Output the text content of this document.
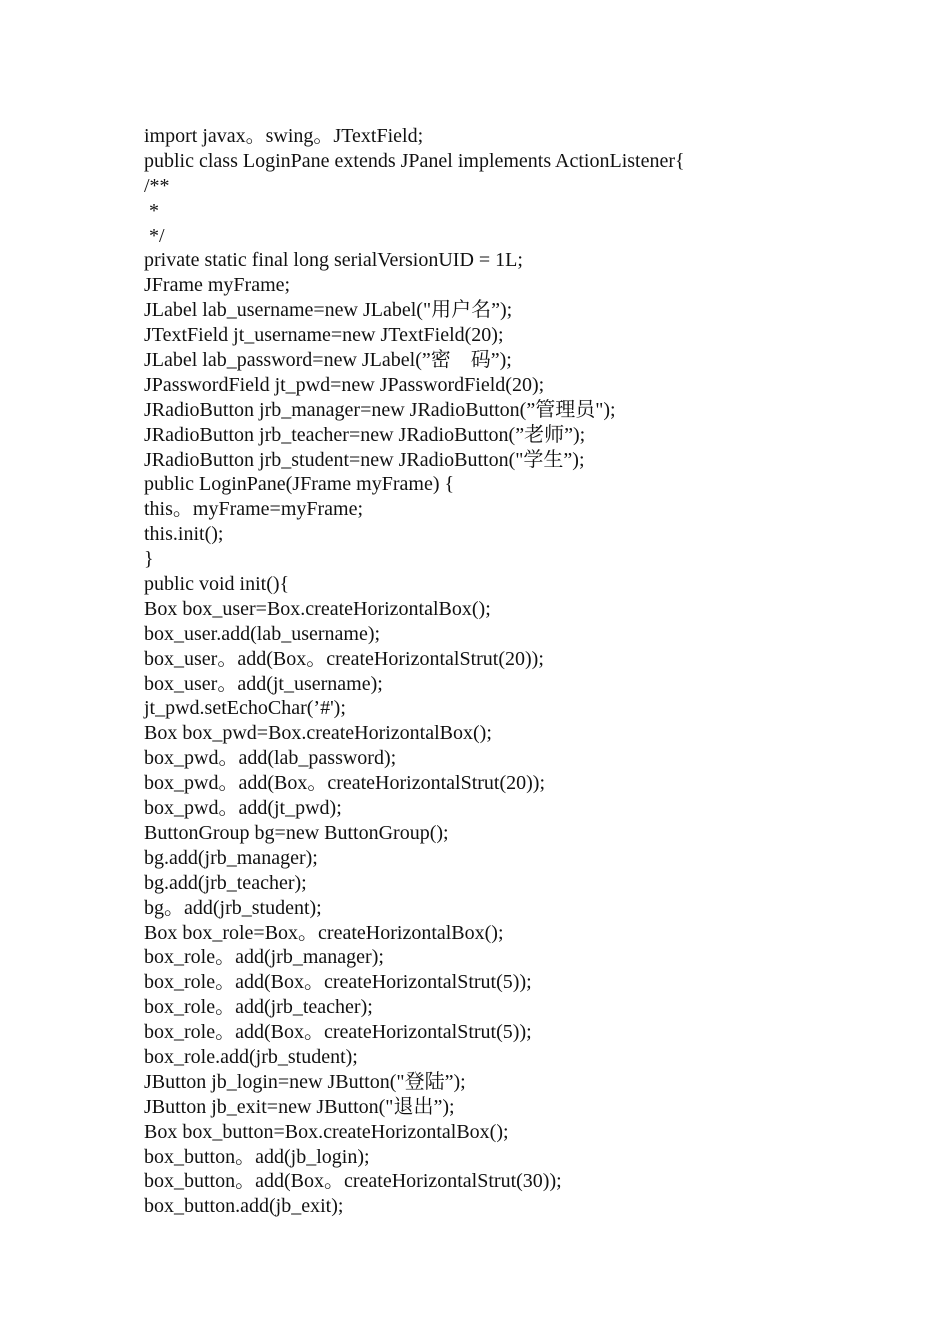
import javax。swing。JTextField;
public class LoginPane extends JPanel implements ActionListener{
/**
*
*/
private static final long serialVersionUID = 1L;
JFrame myFrame;
JLabel lab_username=new JLabel("用户名”);
JTextField jt_username=new JTextField(20);
JLabel lab_password=new JLabel(”密　码”);
JPasswordField jt_pwd=new JPasswordField(20);
JRadioButton jrb_manager=new JRadioButton(”管理员");
JRadioButton jrb_teacher=new JRadioButton(”老师”);
JRadioButton jrb_student=new JRadioButton("学生”);
public LoginPane(JFrame myFrame) {
this。myFrame=myFrame;
this.init();
}
public void init(){
Box box_user=Box.createHorizontalBox();
box_user.add(lab_username);
box_user。add(Box。createHorizontalStrut(20));
box_user。add(jt_username);
jt_pwd.setEchoChar(’#');
Box box_pwd=Box.createHorizontalBox();
box_pwd。add(lab_password);
box_pwd。add(Box。createHorizontalStrut(20));
box_pwd。add(jt_pwd);
ButtonGroup bg=new ButtonGroup();
bg.add(jrb_manager);
bg.add(jrb_teacher);
bg。add(jrb_student);
Box box_role=Box。createHorizontalBox();
box_role。add(jrb_manager);
box_role。add(Box。createHorizontalStrut(5));
box_role。add(jrb_teacher);
box_role。add(Box。createHorizontalStrut(5));
box_role.add(jrb_student);
JButton jb_login=new JButton("登陆”);
JButton jb_exit=new JButton("退出”);
Box box_button=Box.createHorizontalBox();
box_button。add(jb_login);
box_button。add(Box。createHorizontalStrut(30));
box_button.add(jb_exit);
